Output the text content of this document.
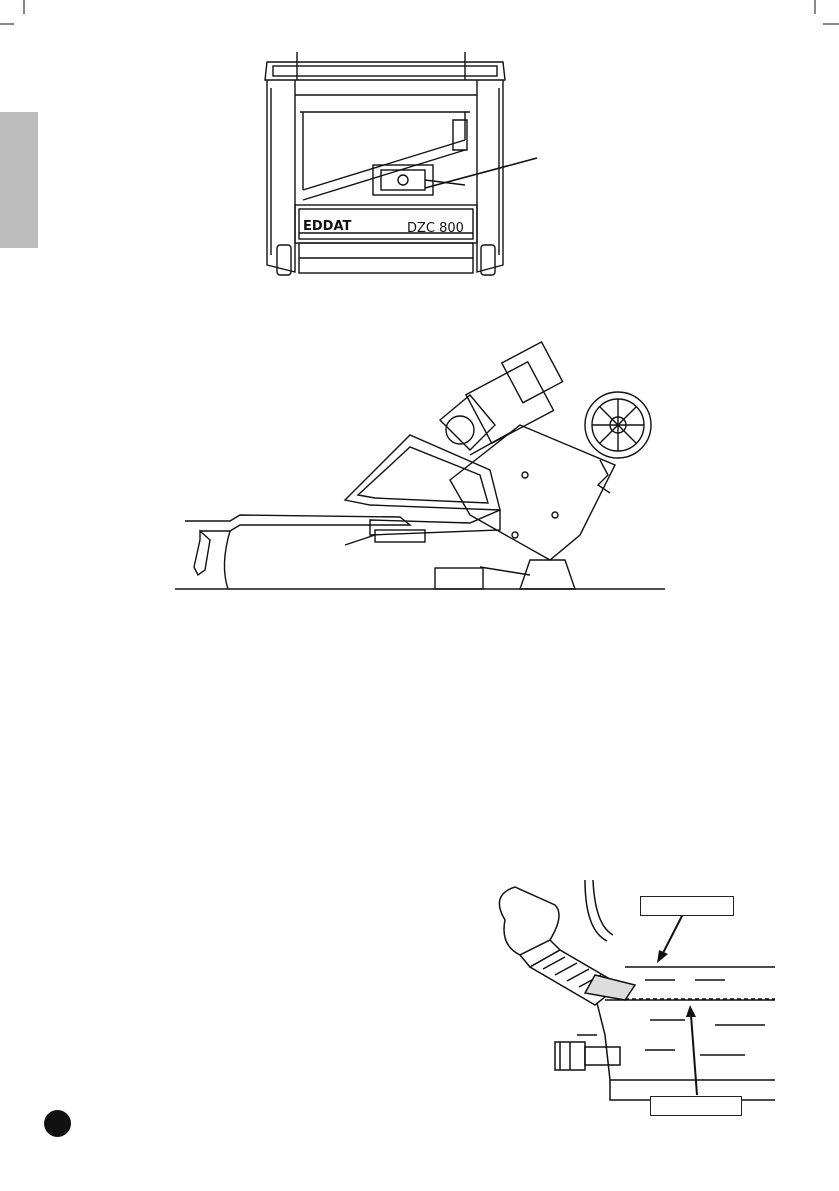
EDDAT	DZC 800
